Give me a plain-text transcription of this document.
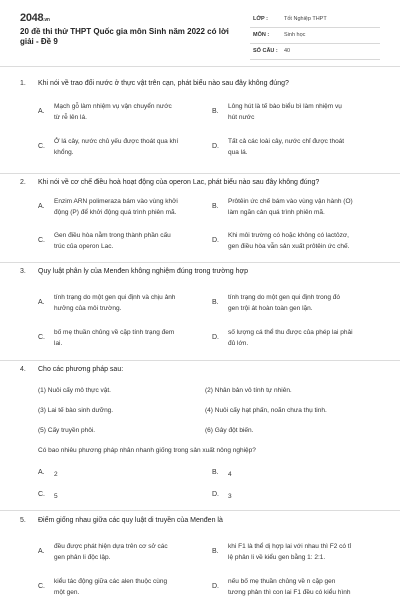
2048.vn
20 đề thi thử THPT Quốc gia môn Sinh năm 2022 có lời giải - Đề 9
LỚP :	Tốt Nghiệp THPT
MÔN :	Sinh học
SỐ CÂU : 40
1. Khi nói về trao đổi nước ở thực vật trên cạn, phát biểu nào sau đây không đúng?
A.
Mạch gỗ làm nhiệm vụ vận chuyển nước
từ rễ lên lá.
B.
Lông hút là tế bào biểu bì làm nhiệm vụ
hút nước
C.
Ở lá cây, nước chủ yếu được thoát qua khí
khổng.
D.
Tất cả các loài cây, nước chỉ được thoát
qua lá.
2. Khi nói về cơ chế điều hoà hoạt động của operon Lac, phát biểu nào sau đây không đúng?
A.
Enzim ARN polimeraza bám vào vùng khởi
động (P) để khởi động quá trình phiên mã.
B.
Prôtêin ức chế bám vào vùng vận hành (O)
làm ngăn cản quá trình phiên mã.
C.
Gen điều hòa nằm trong thành phần cấu
trúc của operon Lac.
D.
Khi môi trường có hoặc không có lactôzơ,
gen điều hòa vẫn sản xuất prôtêin ức chế.
3. Quy luật phân ly của Menđen không nghiệm đúng trong trường hợp
A.
tính trạng do một gen qui định và chịu ảnh
hưởng của môi trường.
B.
tính trạng do một gen qui định trong đó
gen trội át hoàn toàn gen lặn.
C.
bố mẹ thuần chủng về cặp tính trạng đem
lai.
D.
số lượng cá thể thu được của phép lai phải
đủ lớn.
4. Cho các phương pháp sau:
(1) Nuôi cấy mô thực vật.	(2) Nhân bản vô tính tự nhiên.
(3) Lai tế bào sinh dưỡng.	(4) Nuôi cấy hạt phấn, noãn chưa thụ tinh.
(5) Cấy truyền phôi.	(6) Gây đột biến.
Có bao nhiêu phương pháp nhân nhanh giống trong sản xuất nông nghiệp?
A. 2	B. 4
C. 5	D. 3
5. Điểm giống nhau giữa các quy luật di truyền của Menđen là
A.
đều được phát hiện dựa trên cơ sở các
gen phân li độc lập.
B.
khi F1 là thể dị hợp lai với nhau thì F2 có tỉ
lệ phân li về kiểu gen bằng 1: 2:1.
C.
kiểu tác động giữa các alen thuộc cùng
một gen.
D.
nếu bố mẹ thuần chủng về n cặp gen
tương phản thì con lai F1 đều có kiểu hình
